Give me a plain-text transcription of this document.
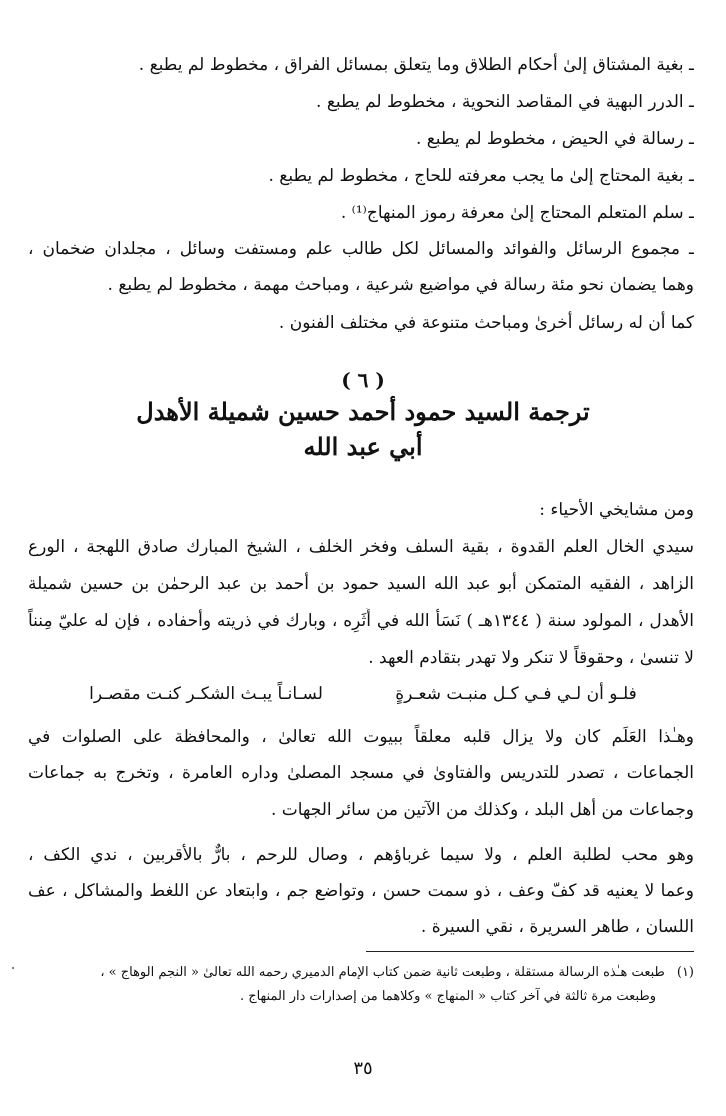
ـ بغية المشتاق إلىٰ أحكام الطلاق وما يتعلق بمسائل الفراق ، مخطوط لم يطبع .
ـ الدرر البهية في المقاصد النحوية ، مخطوط لم يطبع .
ـ رسالة في الحيض ، مخطوط لم يطبع .
ـ بغية المحتاج إلىٰ ما يجب معرفته للحاج ، مخطوط لم يطبع .
ـ سلم المتعلم المحتاج إلىٰ معرفة رموز المنهاج⁽¹⁾ .
ـ مجموع الرسائل والفوائد والمسائل لكل طالب علم ومستفت وسائل ، مجلدان ضخمان ،
وهما يضمان نحو مئة رسالة في مواضيع شرعية ، ومباحث مهمة ، مخطوط لم يطبع .
كما أن له رسائل أخرىٰ ومباحث متنوعة في مختلف الفنون .
( ٦ )
ترجمة السيد حمود أحمد حسين شميلة الأهدل
أبي عبد الله
ومن مشايخي الأحياء :
سيدي الخال العلم القدوة ، بقية السلف وفخر الخلف ، الشيخ المبارك صادق اللهجة ، الورع
الزاهد ، الفقيه المتمكن أبو عبد الله السيد حمود بن أحمد بن عبد الرحمٰن بن حسين شميلة
الأهدل ، المولود سنة ( ١٣٤٤هـ ) نَسَأَ الله في أَثَرِه ، وبارك في ذريته وأحفاده ، فإن له عليّ مِنناً
لا تنسىٰ ، وحقوقاً لا تنكر ولا تهدر بتقادم العهد .
فلـو أن لـي فـي كـل منبـت شعـرةٍ
لسـانـاً يبـث الشكـر كنـت مقصـرا
وهـٰذا العَلَم كان ولا يزال قلبه معلقاً ببيوت الله تعالىٰ ، والمحافظة على الصلوات في
الجماعات ، تصدر للتدريس والفتاوىٰ في مسجد المصلىٰ وداره العامرة ، وتخرج به جماعات
وجماعات من أهل البلد ، وكذلك من الآتين من سائر الجهات .
وهو محب لطلبة العلم ، ولا سيما غرباؤهم ، وصال للرحم ، بارٌّ بالأقربين ، ندي الكف ،
وعما لا يعنيه قد كفّ وعف ، ذو سمت حسن ، وتواضع جم ، وابتعاد عن اللغط والمشاكل ، عف
اللسان ، طاهر السريرة ، نقي السيرة .
(١)طبعت هـٰذه الرسالة مستقلة ، وطبعت ثانية ضمن كتاب الإمام الدميري رحمه الله تعالىٰ « النجم الوهاج » ،
وطبعت مرة ثالثة في آخر كتاب « المنهاج » وكلاهما من إصدارات دار المنهاج .
٣٥
